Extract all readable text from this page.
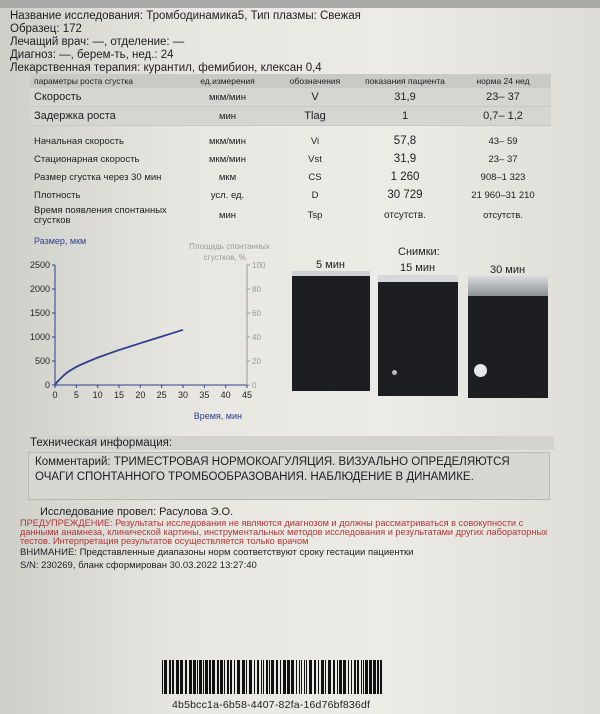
Название исследования: Тромбодинамика5, Тип плазмы: Свежая
Образец: 172
Лечащий врач: —, отделение: —
Диагноз: —, берем-ть, нед.: 24
Лекарственная терапия: курантил, фемибион, клексан 0,4
параметры роста сгустка	ед.измерения	обозначения	показания пациента	норма 24 нед
Скорость	мкм/мин	V	31,9	23– 37
Задержка роста	мин	Tlag	1	0,7– 1,2

Начальная скорость	мкм/мин	Vi	57,8	43– 59
Стационарная скорость	мкм/мин	Vst	31,9	23– 37
Размер сгустка через 30 мин	мкм	CS	1 260	908–1 323
Плотность	усл. ед.	D	30 729	21 960–31 210
Время появления спонтанных сгустков	мин	Tsp	отсутств.	отсутств.
Размер, мкм
Площадь спонтанных
сгустков, %
Время, мин
0
500
1000
1500
2000
2500
0
20
40
60
80
100
0 5 10 15 20 25 30 35 40 45
Снимки:
5 мин	15 мин	30 мин
Техническая информация:
Комментарий: ТРИМЕСТРОВАЯ НОРМОКОАГУЛЯЦИЯ. ВИЗУАЛЬНО ОПРЕДЕЛЯЮТСЯ ОЧАГИ СПОНТАННОГО ТРОМБООБРАЗОВАНИЯ. НАБЛЮДЕНИЕ В ДИНАМИКЕ.
Исследование провел: Расулова Э.О.
ПРЕДУПРЕЖДЕНИЕ: Результаты исследования не являются диагнозом и должны рассматриваться в совокупности с данными анамнеза, клинической картины, инструментальных методов исследования и результатами других лабораторных тестов. Интерпретация результатов осуществляется только врачом
ВНИМАНИЕ: Представленные диапазоны норм соответствуют сроку гестации пациентки
S/N: 230269, бланк сформирован 30.03.2022 13:27:40
4b5bcc1a-6b58-4407-82fa-16d76bf836df
